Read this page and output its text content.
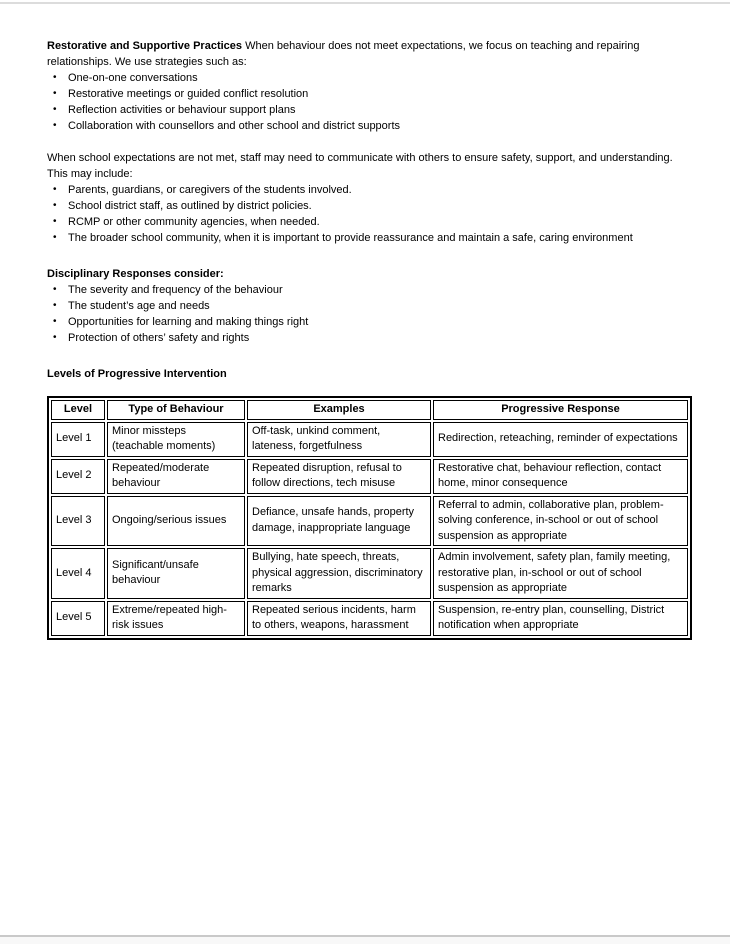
Restorative and Supportive Practices When behaviour does not meet expectations, we focus on teaching and repairing relationships. We use strategies such as:

• One-on-one conversations
• Restorative meetings or guided conflict resolution
• Reflection activities or behaviour support plans
• Collaboration with counsellors and other school and district supports

When school expectations are not met, staff may need to communicate with others to ensure safety, support, and understanding. This may include:

• Parents, guardians, or caregivers of the students involved.
• School district staff, as outlined by district policies.
• RCMP or other community agencies, when needed.
• The broader school community, when it is important to provide reassurance and maintain a safe, caring environment

Disciplinary Responses consider:

• The severity and frequency of the behaviour
• The student’s age and needs
• Opportunities for learning and making things right
• Protection of others’ safety and rights

Levels of Progressive Intervention

Level	Type of Behaviour	Examples	Progressive Response
Level 1	Minor missteps (teachable moments)	Off-task, unkind comment, lateness, forgetfulness	Redirection, reteaching, reminder of expectations
Level 2	Repeated/moderate behaviour	Repeated disruption, refusal to follow directions, tech misuse	Restorative chat, behaviour reflection, contact home, minor consequence
Level 3	Ongoing/serious issues	Defiance, unsafe hands, property damage, inappropriate language	Referral to admin, collaborative plan, problem-solving conference, in-school or out of school suspension as appropriate
Level 4	Significant/unsafe behaviour	Bullying, hate speech, threats, physical aggression, discriminatory remarks	Admin involvement, safety plan, family meeting, restorative plan, in-school or out of school suspension as appropriate
Level 5	Extreme/repeated high-risk issues	Repeated serious incidents, harm to others, weapons, harassment	Suspension, re-entry plan, counselling, District notification when appropriate
